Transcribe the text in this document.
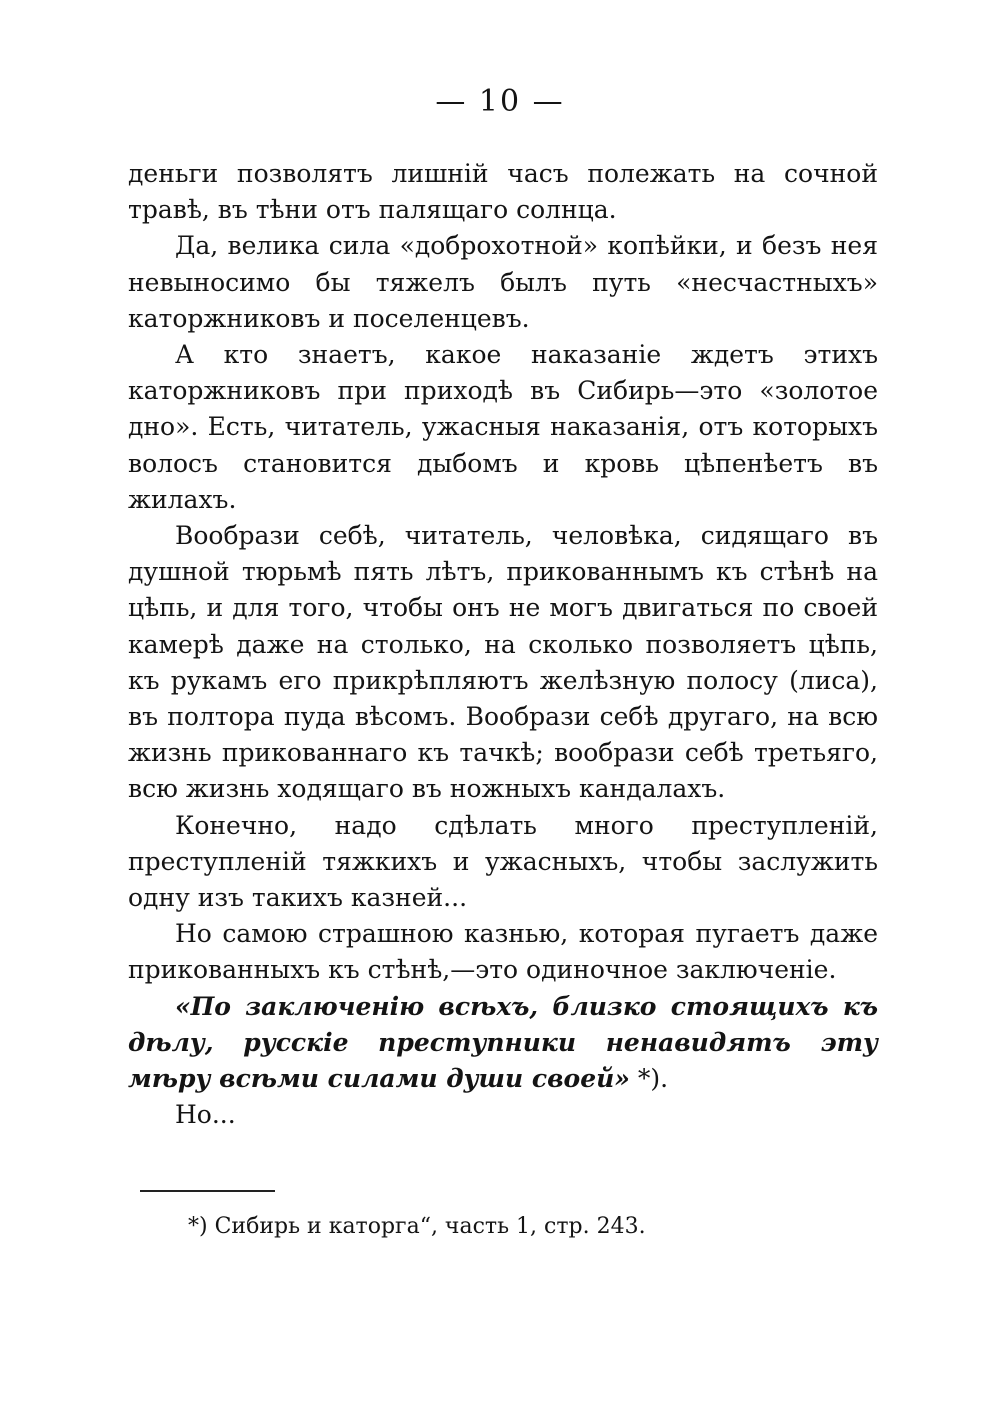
— 10 —

деньги позволятъ лишній часъ полежать на сочной травѣ, въ тѣни отъ палящаго солнца.

Да, велика сила «доброхотной» копѣйки, и безъ нея невыносимо бы тяжелъ былъ путь «несчастныхъ» каторжниковъ и поселенцевъ.

А кто знаетъ, какое наказаніе ждетъ этихъ каторжниковъ при приходѣ въ Сибирь—это «золотое дно». Есть, читатель, ужасныя наказанія, отъ которыхъ волосъ становится дыбомъ и кровь цѣпенѣетъ въ жилахъ.

Вообрази себѣ, читатель, человѣка, сидящаго въ душной тюрьмѣ пять лѣтъ, прикованнымъ къ стѣнѣ на цѣпь, и для того, чтобы онъ не могъ двигаться по своей камерѣ даже на столько, на сколько позволяетъ цѣпь, къ рукамъ его прикрѣпляютъ желѣзную полосу (лиса), въ полтора пуда вѣсомъ. Вообрази себѣ другаго, на всю жизнь прикованнаго къ тачкѣ; вообрази себѣ третьяго, всю жизнь ходящаго въ ножныхъ кандалахъ.

Конечно, надо сдѣлать много преступленій, преступленій тяжкихъ и ужасныхъ, чтобы заслужить одну изъ такихъ казней...

Но самою страшною казнью, которая пугаетъ даже прикованныхъ къ стѣнѣ,—это одиночное заключеніе.

«По заключенію всѣхъ, близко стоящихъ къ дѣлу, русскіе преступники ненавидятъ эту мѣру всѣми силами души своей» *).

Но...

*) Сибирь и каторга“, часть 1, стр. 243.
